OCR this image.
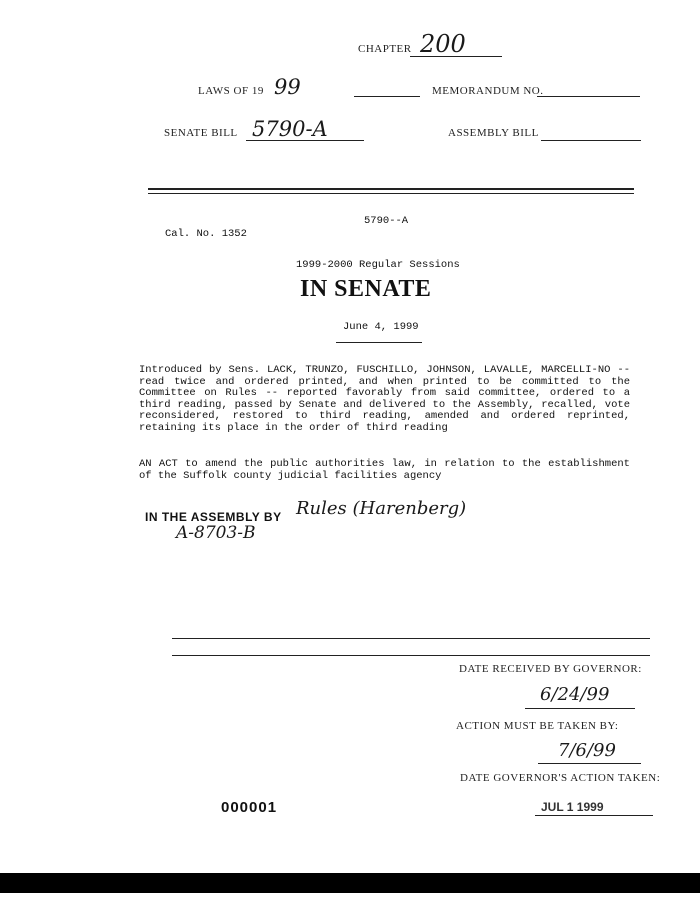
CHAPTER 200
LAWS OF 19 99	MEMORANDUM NO.
SENATE BILL 5790-A	ASSEMBLY BILL
5790--A
Cal. No. 1352
1999-2000 Regular Sessions
IN SENATE
June 4, 1999
Introduced by Sens. LACK, TRUNZO, FUSCHILLO, JOHNSON, LAVALLE, MARCELLI-NO -- read twice and ordered printed, and when printed to be committed to the Committee on Rules -- reported favorably from said committee, ordered to a third reading, passed by Senate and delivered to the Assembly, recalled, vote reconsidered, restored to third reading, amended and ordered reprinted, retaining its place in the order of third reading
AN ACT to amend the public authorities law, in relation to the establishment of the Suffolk county judicial facilities agency
IN THE ASSEMBLY BY Rules (Harenberg)
A-8703-B
DATE RECEIVED BY GOVERNOR:
6/24/99
ACTION MUST BE TAKEN BY:
7/6/99
DATE GOVERNOR'S ACTION TAKEN:
JUL 1 1999
000001
